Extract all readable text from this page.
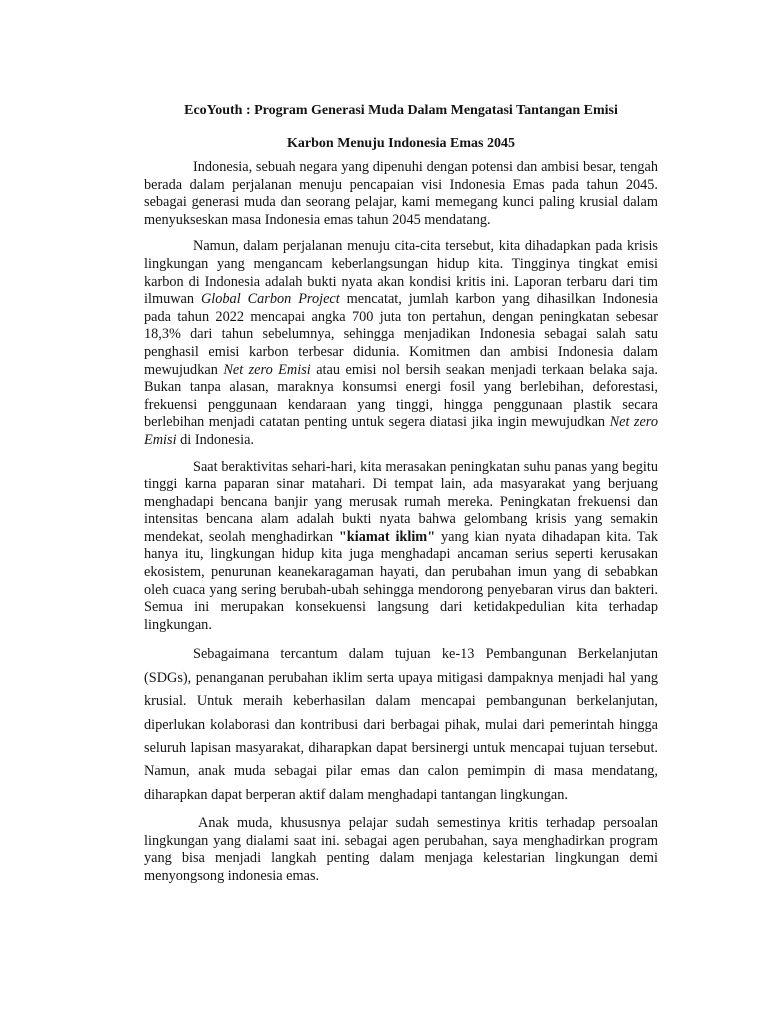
EcoYouth : Program Generasi Muda Dalam Mengatasi Tantangan Emisi

Karbon Menuju Indonesia Emas 2045

Indonesia, sebuah negara yang dipenuhi dengan potensi dan ambisi besar, tengah berada dalam perjalanan menuju pencapaian visi Indonesia Emas pada tahun 2045. sebagai generasi muda dan seorang pelajar, kami memegang kunci paling krusial dalam menyukseskan masa Indonesia emas tahun 2045 mendatang.

Namun, dalam perjalanan menuju cita-cita tersebut, kita dihadapkan pada krisis lingkungan yang mengancam keberlangsungan hidup kita. Tingginya tingkat emisi karbon di Indonesia adalah bukti nyata akan kondisi kritis ini. Laporan terbaru dari tim ilmuwan Global Carbon Project mencatat, jumlah karbon yang dihasilkan Indonesia pada tahun 2022 mencapai angka 700 juta ton pertahun, dengan peningkatan sebesar 18,3% dari tahun sebelumnya, sehingga menjadikan Indonesia sebagai salah satu penghasil emisi karbon terbesar didunia. Komitmen dan ambisi Indonesia dalam mewujudkan Net zero Emisi atau emisi nol bersih seakan menjadi terkaan belaka saja. Bukan tanpa alasan, maraknya konsumsi energi fosil yang berlebihan, deforestasi, frekuensi penggunaan kendaraan yang tinggi, hingga penggunaan plastik secara berlebihan menjadi catatan penting untuk segera diatasi jika ingin mewujudkan Net zero Emisi di Indonesia.

Saat beraktivitas sehari-hari, kita merasakan peningkatan suhu panas yang begitu tinggi karna paparan sinar matahari. Di tempat lain, ada masyarakat yang berjuang menghadapi bencana banjir yang merusak rumah mereka. Peningkatan frekuensi dan intensitas bencana alam adalah bukti nyata bahwa gelombang krisis yang semakin mendekat, seolah menghadirkan "kiamat iklim" yang kian nyata dihadapan kita. Tak hanya itu, lingkungan hidup kita juga menghadapi ancaman serius seperti kerusakan ekosistem, penurunan keanekaragaman hayati, dan perubahan imun yang di sebabkan oleh cuaca yang sering berubah-ubah sehingga mendorong penyebaran virus dan bakteri. Semua ini merupakan konsekuensi langsung dari ketidakpedulian kita terhadap lingkungan.

Sebagaimana tercantum dalam tujuan ke-13 Pembangunan Berkelanjutan (SDGs), penanganan perubahan iklim serta upaya mitigasi dampaknya menjadi hal yang krusial. Untuk meraih keberhasilan dalam mencapai pembangunan berkelanjutan, diperlukan kolaborasi dan kontribusi dari berbagai pihak, mulai dari pemerintah hingga seluruh lapisan masyarakat, diharapkan dapat bersinergi untuk mencapai tujuan tersebut. Namun, anak muda sebagai pilar emas dan calon pemimpin di masa mendatang, diharapkan dapat berperan aktif dalam menghadapi tantangan lingkungan.

Anak muda, khususnya pelajar sudah semestinya kritis terhadap persoalan lingkungan yang dialami saat ini. sebagai agen perubahan, saya menghadirkan program yang bisa menjadi langkah penting dalam menjaga kelestarian lingkungan demi menyongsong indonesia emas.
